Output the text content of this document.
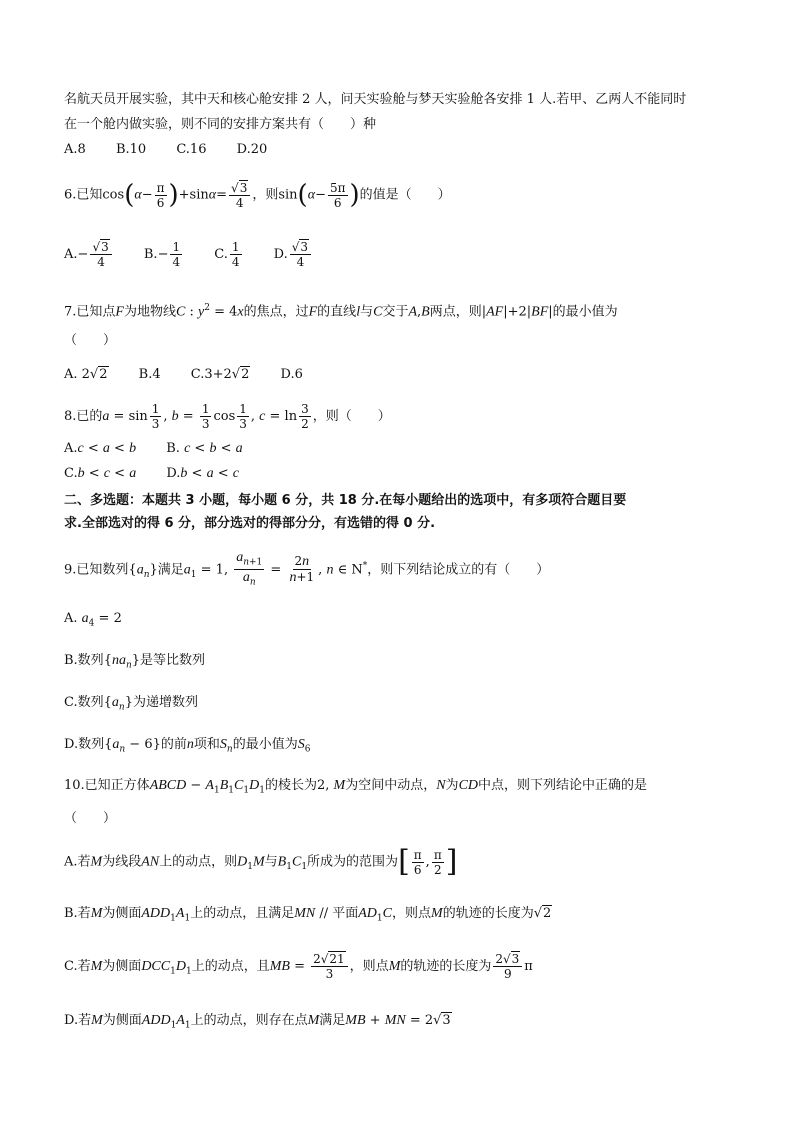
名航天员开展实验，其中天和核心舱安排 2 人，问天实验舱与梦天实验舱各安排 1 人.若甲、乙两人不能同时
在一个舱内做实验，则不同的安排方案共有（　　）种
A.8 B.10 C.16 D.20
6.已知$\cos(\alpha- \frac{\pi}{6} )+\sin\alpha= \frac{√3}{4}$ ，则$\sin(\alpha- \frac{5\pi}{6}$ )的值是（　　）
$A.- \frac{√3}{4} B.- \frac{1}{4} C$. $\frac{1}{4} D$. $\frac{√3}{4}$
7.已知点F为地物线C : $y^2 = 4x$的焦点，过F的直线l与C交于A,B两点，则|AF|+2|BF|的最小值为
（　　）
A. 2√2 B.4 C.3+2√2 D.6
8.已的$a = \sin \frac{1}{3}$ , $b = \frac{1}{3}$ $\cos \frac{1}{3}$ , $c = \ln \frac{3}{2}$ ，则（　　）
A.c < a < b B. c < b < a
C.b < c < a D.b < a < c
二、多选题：本题共 3 小题，每小题 6 分，共 18 分.在每小题给出的选项中，有多项符合题目要
求.全部选对的得 6 分，部分选对的得部分分，有选错的得 0 分.
9.已知数列$\{a_n\}$满足$a_1 = 1$, $\frac{a_{n+1}}{a_n} = \frac{2n}{n+1}$ , n ∈ N*，则下列结论成立的有（　　）
A. $a_4 = 2$
B.数列$\{na_n\}$是等比数列
C.数列$\{a_n\}$为递增数列
D.数列$\{a_n - 6\}$的前n项和$S_n$的最小值为$S_6$
10.已知正方体ABCD − $A_1B_1C_1D_1$的棱长为2, M为空间中动点，N为CD中点，则下列结论中正确的是
（　　）
A.若M为线段AN上的动点，则$D_1M$与$B_1C_1$所成为的范围为[ $\frac{\pi}{6}$ , $\frac{\pi}{2}$ ]
B.若M为侧面$ADD_1A_1$上的动点，且满足MN // 平面$AD_1C$，则点M的轨迹的长度为√2
C.若M为侧面$DCC_1D_1$上的动点，且MB = $\frac{2√21}{3}$ ，则点M的轨迹的长度为 $\frac{2√3}{9}$ π
D.若M为侧面$ADD_1A_1$上的动点，则存在点M满足MB + MN = 2√3
